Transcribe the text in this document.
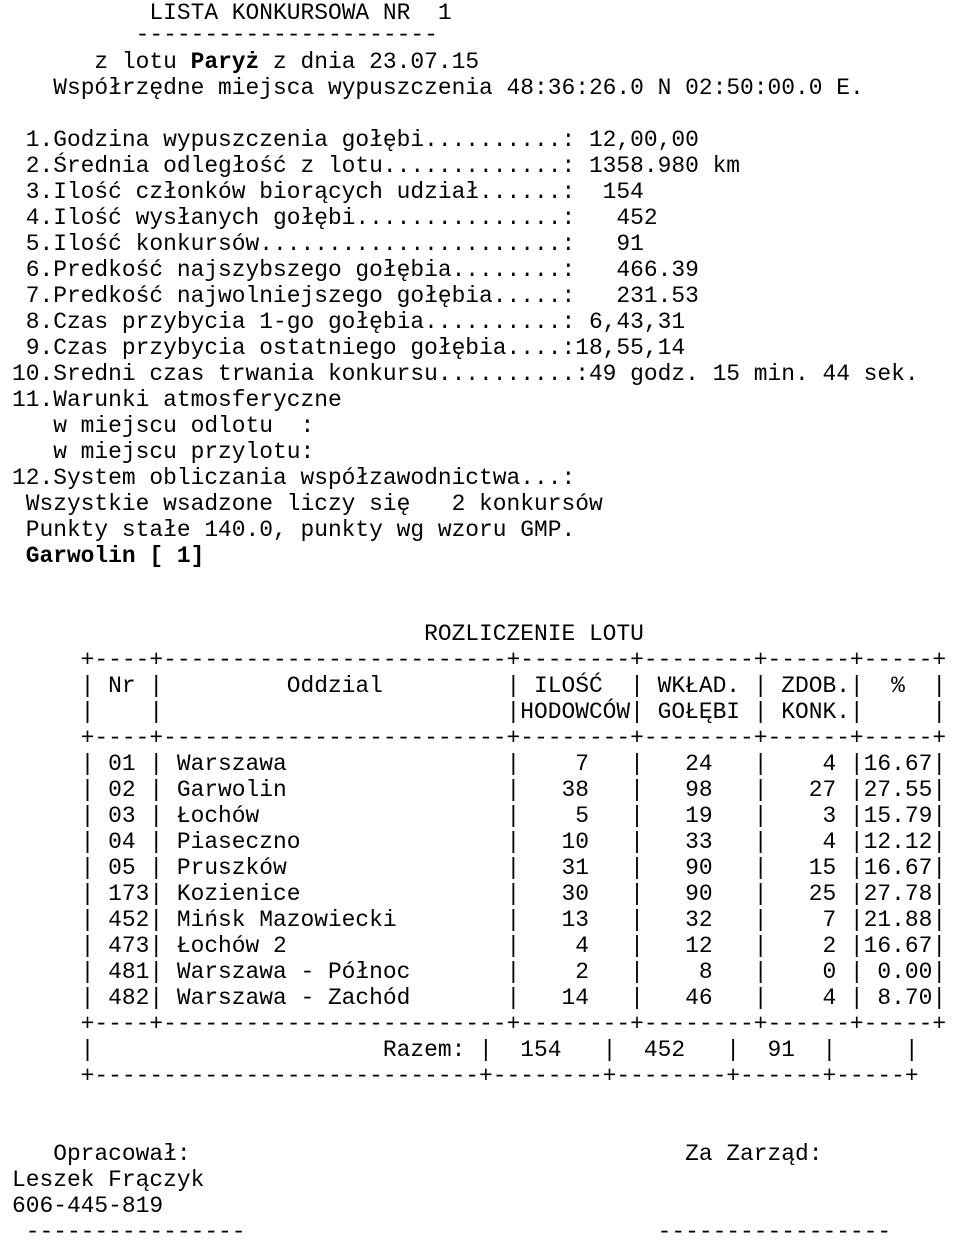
LISTA KONKURSOWA NR  1
----------------------
z lotu Paryż z dnia 23.07.15
Współrzędne miejsca wypuszczenia 48:36:26.0 N 02:50:00.0 E.
1.Godzina wypuszczenia gołębi..........: 12,00,00
2.Średnia odległość z lotu.............: 1358.980 km
3.Ilość członków biorących udział......:  154
4.Ilość wysłanych gołębi...............:   452
5.Ilość konkursów......................:   91
6.Predkość najszybszego gołębia........:   466.39
7.Predkość najwolniejszego gołębia.....:   231.53
8.Czas przybycia 1-go gołębia..........: 6,43,31
9.Czas przybycia ostatniego gołębia....:18,55,14
10.Sredni czas trwania konkursu..........:49 godz. 15 min. 44 sek.
11.Warunki atmosferyczne
w miejscu odlotu  :
w miejscu przylotu:
12.System obliczania współzawodnictwa...:
Wszystkie wsadzone liczy się   2 konkursów
Punkty stałe 140.0, punkty wg wzoru GMP.
Garwolin [ 1]
ROZLICZENIE LOTU
+----+-------------------------+--------+--------+------+-----+
| Nr |         Oddzial         | ILOŚĆ  | WKŁAD. | ZDOB.|  %  |
|    |                         |HODOWCÓW| GOŁĘBI | KONK.|     |
+----+-------------------------+--------+--------+------+-----+
| 01 | Warszawa                |    7   |   24   |    4 |16.67|
| 02 | Garwolin                |   38   |   98   |   27 |27.55|
| 03 | Łochów                  |    5   |   19   |    3 |15.79|
| 04 | Piaseczno               |   10   |   33   |    4 |12.12|
| 05 | Pruszków                |   31   |   90   |   15 |16.67|
| 173| Kozienice               |   30   |   90   |   25 |27.78|
| 452| Mińsk Mazowiecki        |   13   |   32   |    7 |21.88|
| 473| Łochów 2                |    4   |   12   |    2 |16.67|
| 481| Warszawa - Północ       |    2   |    8   |    0 | 0.00|
| 482| Warszawa - Zachód       |   14   |   46   |    4 | 8.70|
+----+-------------------------+--------+--------+------+-----+
|                     Razem: |  154   |  452   |  91  |     |
+----------------------------+--------+--------+------+-----+
Opracował:                                    Za Zarząd:
Leszek Frączyk
606-445-819
----------------                              -----------------
